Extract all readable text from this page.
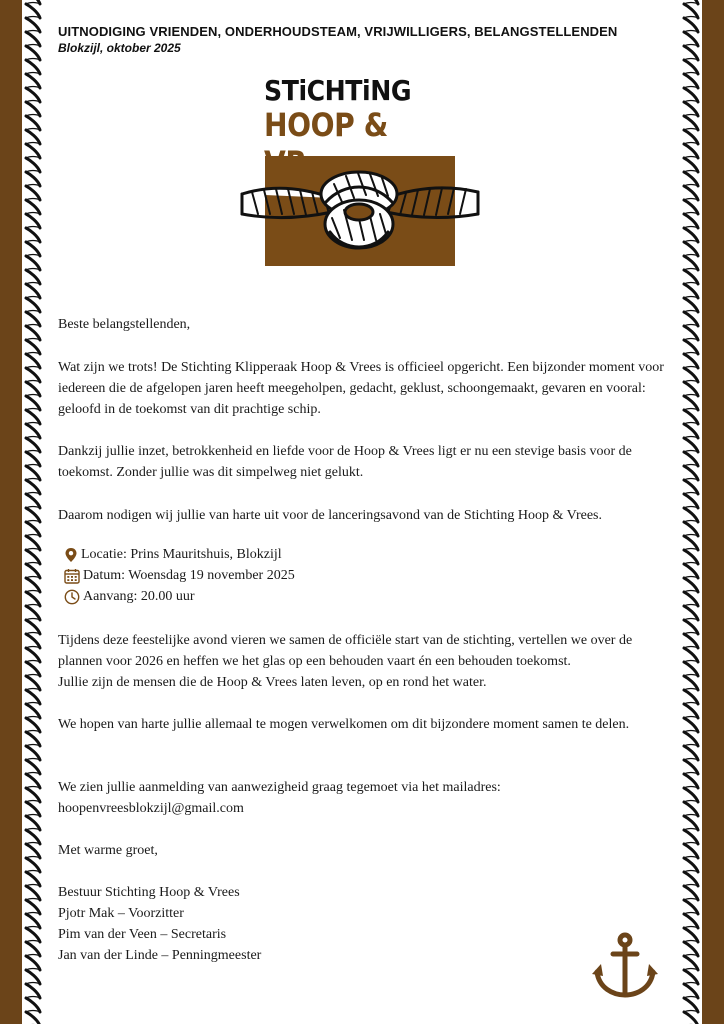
UITNODIGING VRIENDEN, ONDERHOUDSTEAM, VRIJWILLIGERS, BELANGSTELLENDEN
Blokzijl, oktober 2025
STiCHTiNG
HOOP &
Beste belangstellenden,

Wat zijn we trots! De Stichting Klipperaak Hoop & Vrees is officieel opgericht. Een bijzonder moment voor iedereen die de afgelopen jaren heeft meegeholpen, gedacht, geklust, schoongemaakt, gevaren en vooral: geloofd in de toekomst van dit prachtige schip.

Dankzij jullie inzet, betrokkenheid en liefde voor de Hoop & Vrees ligt er nu een stevige basis voor de toekomst. Zonder jullie was dit simpelweg niet gelukt.

Daarom nodigen wij jullie van harte uit voor de lanceringsavond van de Stichting Hoop & Vrees.

Locatie: Prins Mauritshuis, Blokzijl
Datum: Woensdag 19 november 2025
Aanvang: 20.00 uur

Tijdens deze feestelijke avond vieren we samen de officiële start van de stichting, vertellen we over de plannen voor 2026 en heffen we het glas op een behouden vaart én een behouden toekomst.

Jullie zijn de mensen die de Hoop & Vrees laten leven, op en rond het water.

We hopen van harte jullie allemaal te mogen verwelkomen om dit bijzondere moment samen te delen.

We zien jullie aanmelding van aanwezigheid graag tegemoet via het mailadres:

hoopenvreesblokzijl@gmail.com
Met warme groet,
Bestuur Stichting Hoop & Vrees
Pjotr Mak – Voorzitter
Pim van der Veen – Secretaris
Jan van der Linde – Penningmeester
